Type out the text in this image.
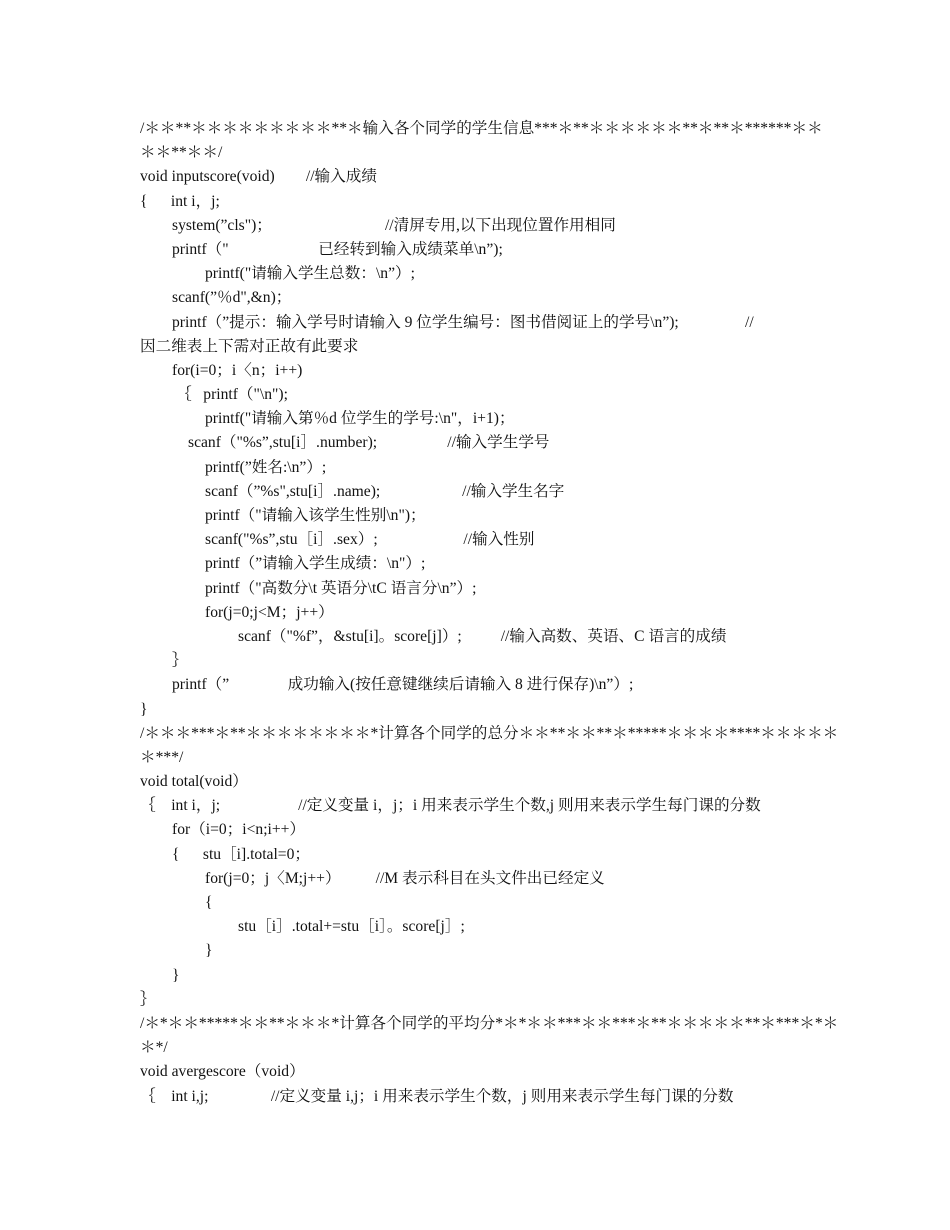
/＊＊**＊＊＊＊＊＊＊＊＊**＊输入各个同学的学生信息***＊**＊＊＊＊＊＊**＊**＊******＊＊
＊＊**＊＊/
void inputscore(void)        //输入成绩
{      int i，j;
system(”cls")；                             //清屏专用,以下出现位置作用相同
printf（"                       已经转到输入成绩菜单\n”);
printf("请输入学生总数：\n”）;
scanf(”％d",&n)；
printf（”提示：输入学号时请输入 9 位学生编号：图书借阅证上的学号\n”);                 //
因二维表上下需对正故有此要求
for(i=0；i〈n；i++)
｛   printf（"\n");
printf("请输入第％d 位学生的学号:\n"，i+1)；
scanf（"%s”,stu[i］.number);                  //输入学生学号
printf(”姓名:\n”）;
scanf（”%s",stu[i］.name);                     //输入学生名字
printf（"请输入该学生性别\n")；
scanf("%s”,stu［i］.sex）;                      //输入性别
printf（”请输入学生成绩：\n"）;
printf（"高数分\t 英语分\tC 语言分\n”）;
for(j=0;j<M；j++）
scanf（"%f”，&stu[i]。score[j]）;          //输入高数、英语、C 语言的成绩
｝
printf（”               成功输入(按任意键继续后请输入 8 进行保存)\n”）;
}
/＊＊＊***＊**＊＊＊＊＊＊＊＊*计算各个同学的总分＊＊**＊＊**＊*****＊＊＊＊****＊＊＊＊＊
＊***/
void total(void）
｛    int i，j;                    //定义变量 i，j；i 用来表示学生个数,j 则用来表示学生每门课的分数
for（i=0；i<n;i++）
{      stu［i].total=0；
for(j=0；j〈M;j++）         //M 表示科目在头文件出已经定义
{
stu［i］.total+=stu［i］。score[j］;
}
}
｝
/＊*＊＊*****＊＊**＊＊＊*计算各个同学的平均分*＊*＊＊***＊＊***＊**＊＊＊＊＊**＊***＊*＊
＊*/
void avergescore（void）
｛    int i,j;                //定义变量 i,j；i 用来表示学生个数，j 则用来表示学生每门课的分数
